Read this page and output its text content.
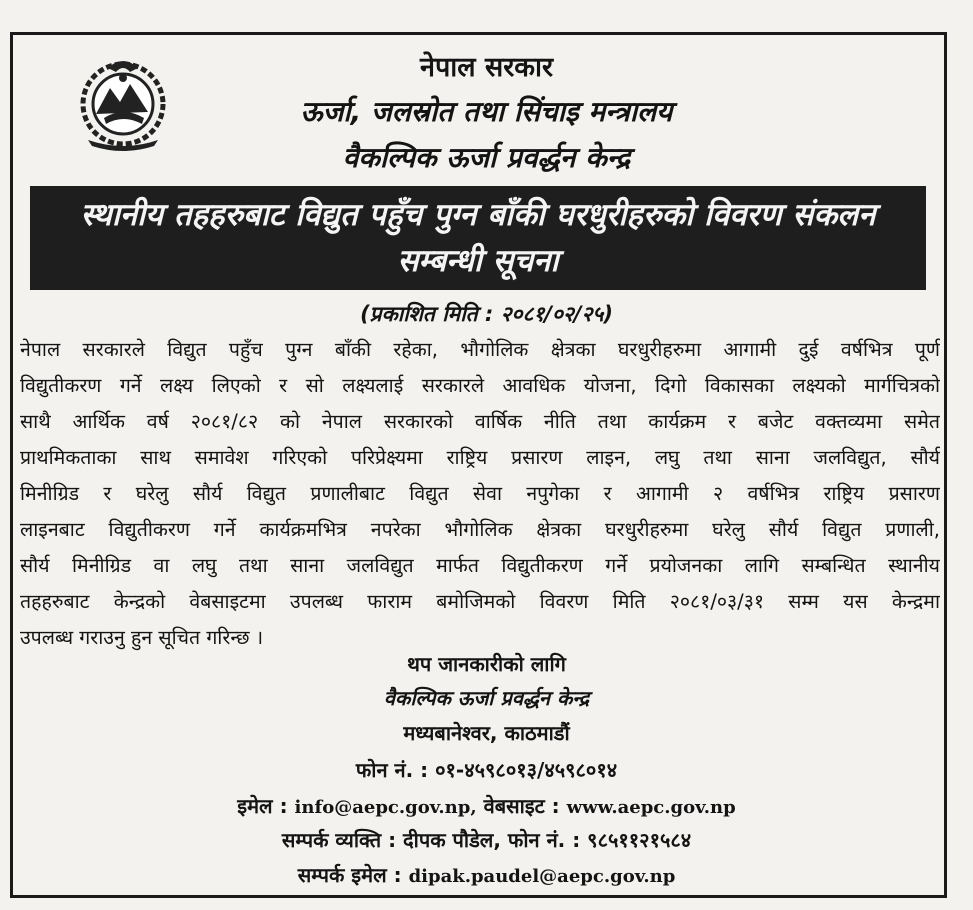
नेपाल सरकार
ऊर्जा, जलस्रोत तथा सिंचाइ मन्त्रालय
वैकल्पिक ऊर्जा प्रवर्द्धन केन्द्र
स्थानीय तहहरुबाट विद्युत पहुँच पुग्न बाँकी घरधुरीहरुको विवरण संकलन
सम्बन्धी सूचना
(प्रकाशित मिति : २०८१/०२/२५)
नेपाल सरकारले विद्युत पहुँच पुग्न बाँकी रहेका, भौगोलिक क्षेत्रका घरधुरीहरुमा आगामी दुई वर्षभित्र पूर्ण
विद्युतीकरण गर्ने लक्ष्य लिएको र सो लक्ष्यलाई सरकारले आवधिक योजना, दिगो विकासका लक्ष्यको मार्गचित्रको
साथै आर्थिक वर्ष २०८१/८२ को नेपाल सरकारको वार्षिक नीति तथा कार्यक्रम र बजेट वक्तव्यमा समेत
प्राथमिकताका साथ समावेश गरिएको परिप्रेक्ष्यमा राष्ट्रिय प्रसारण लाइन, लघु तथा साना जलविद्युत, सौर्य
मिनीग्रिड र घरेलु सौर्य विद्युत प्रणालीबाट विद्युत सेवा नपुगेका र आगामी २ वर्षभित्र राष्ट्रिय प्रसारण
लाइनबाट विद्युतीकरण गर्ने कार्यक्रमभित्र नपरेका भौगोलिक क्षेत्रका घरधुरीहरुमा घरेलु सौर्य विद्युत प्रणाली,
सौर्य मिनीग्रिड वा लघु तथा साना जलविद्युत मार्फत विद्युतीकरण गर्ने प्रयोजनका लागि सम्बन्धित स्थानीय
तहहरुबाट केन्द्रको वेबसाइटमा उपलब्ध फाराम बमोजिमको विवरण मिति २०८१/०३/३१ सम्म यस केन्द्रमा
उपलब्ध गराउनु हुन सूचित गरिन्छ ।
थप जानकारीको लागि
वैकल्पिक ऊर्जा प्रवर्द्धन केन्द्र
मध्यबानेश्वर, काठमाडौं
फोन नं. : ०१-४५९८०१३/४५९८०१४
इमेल : info@aepc.gov.np, वेबसाइट : www.aepc.gov.np
सम्पर्क व्यक्ति : दीपक पौडेल, फोन नं. : ९८५११२१५८४
सम्पर्क इमेल : dipak.paudel@aepc.gov.np
